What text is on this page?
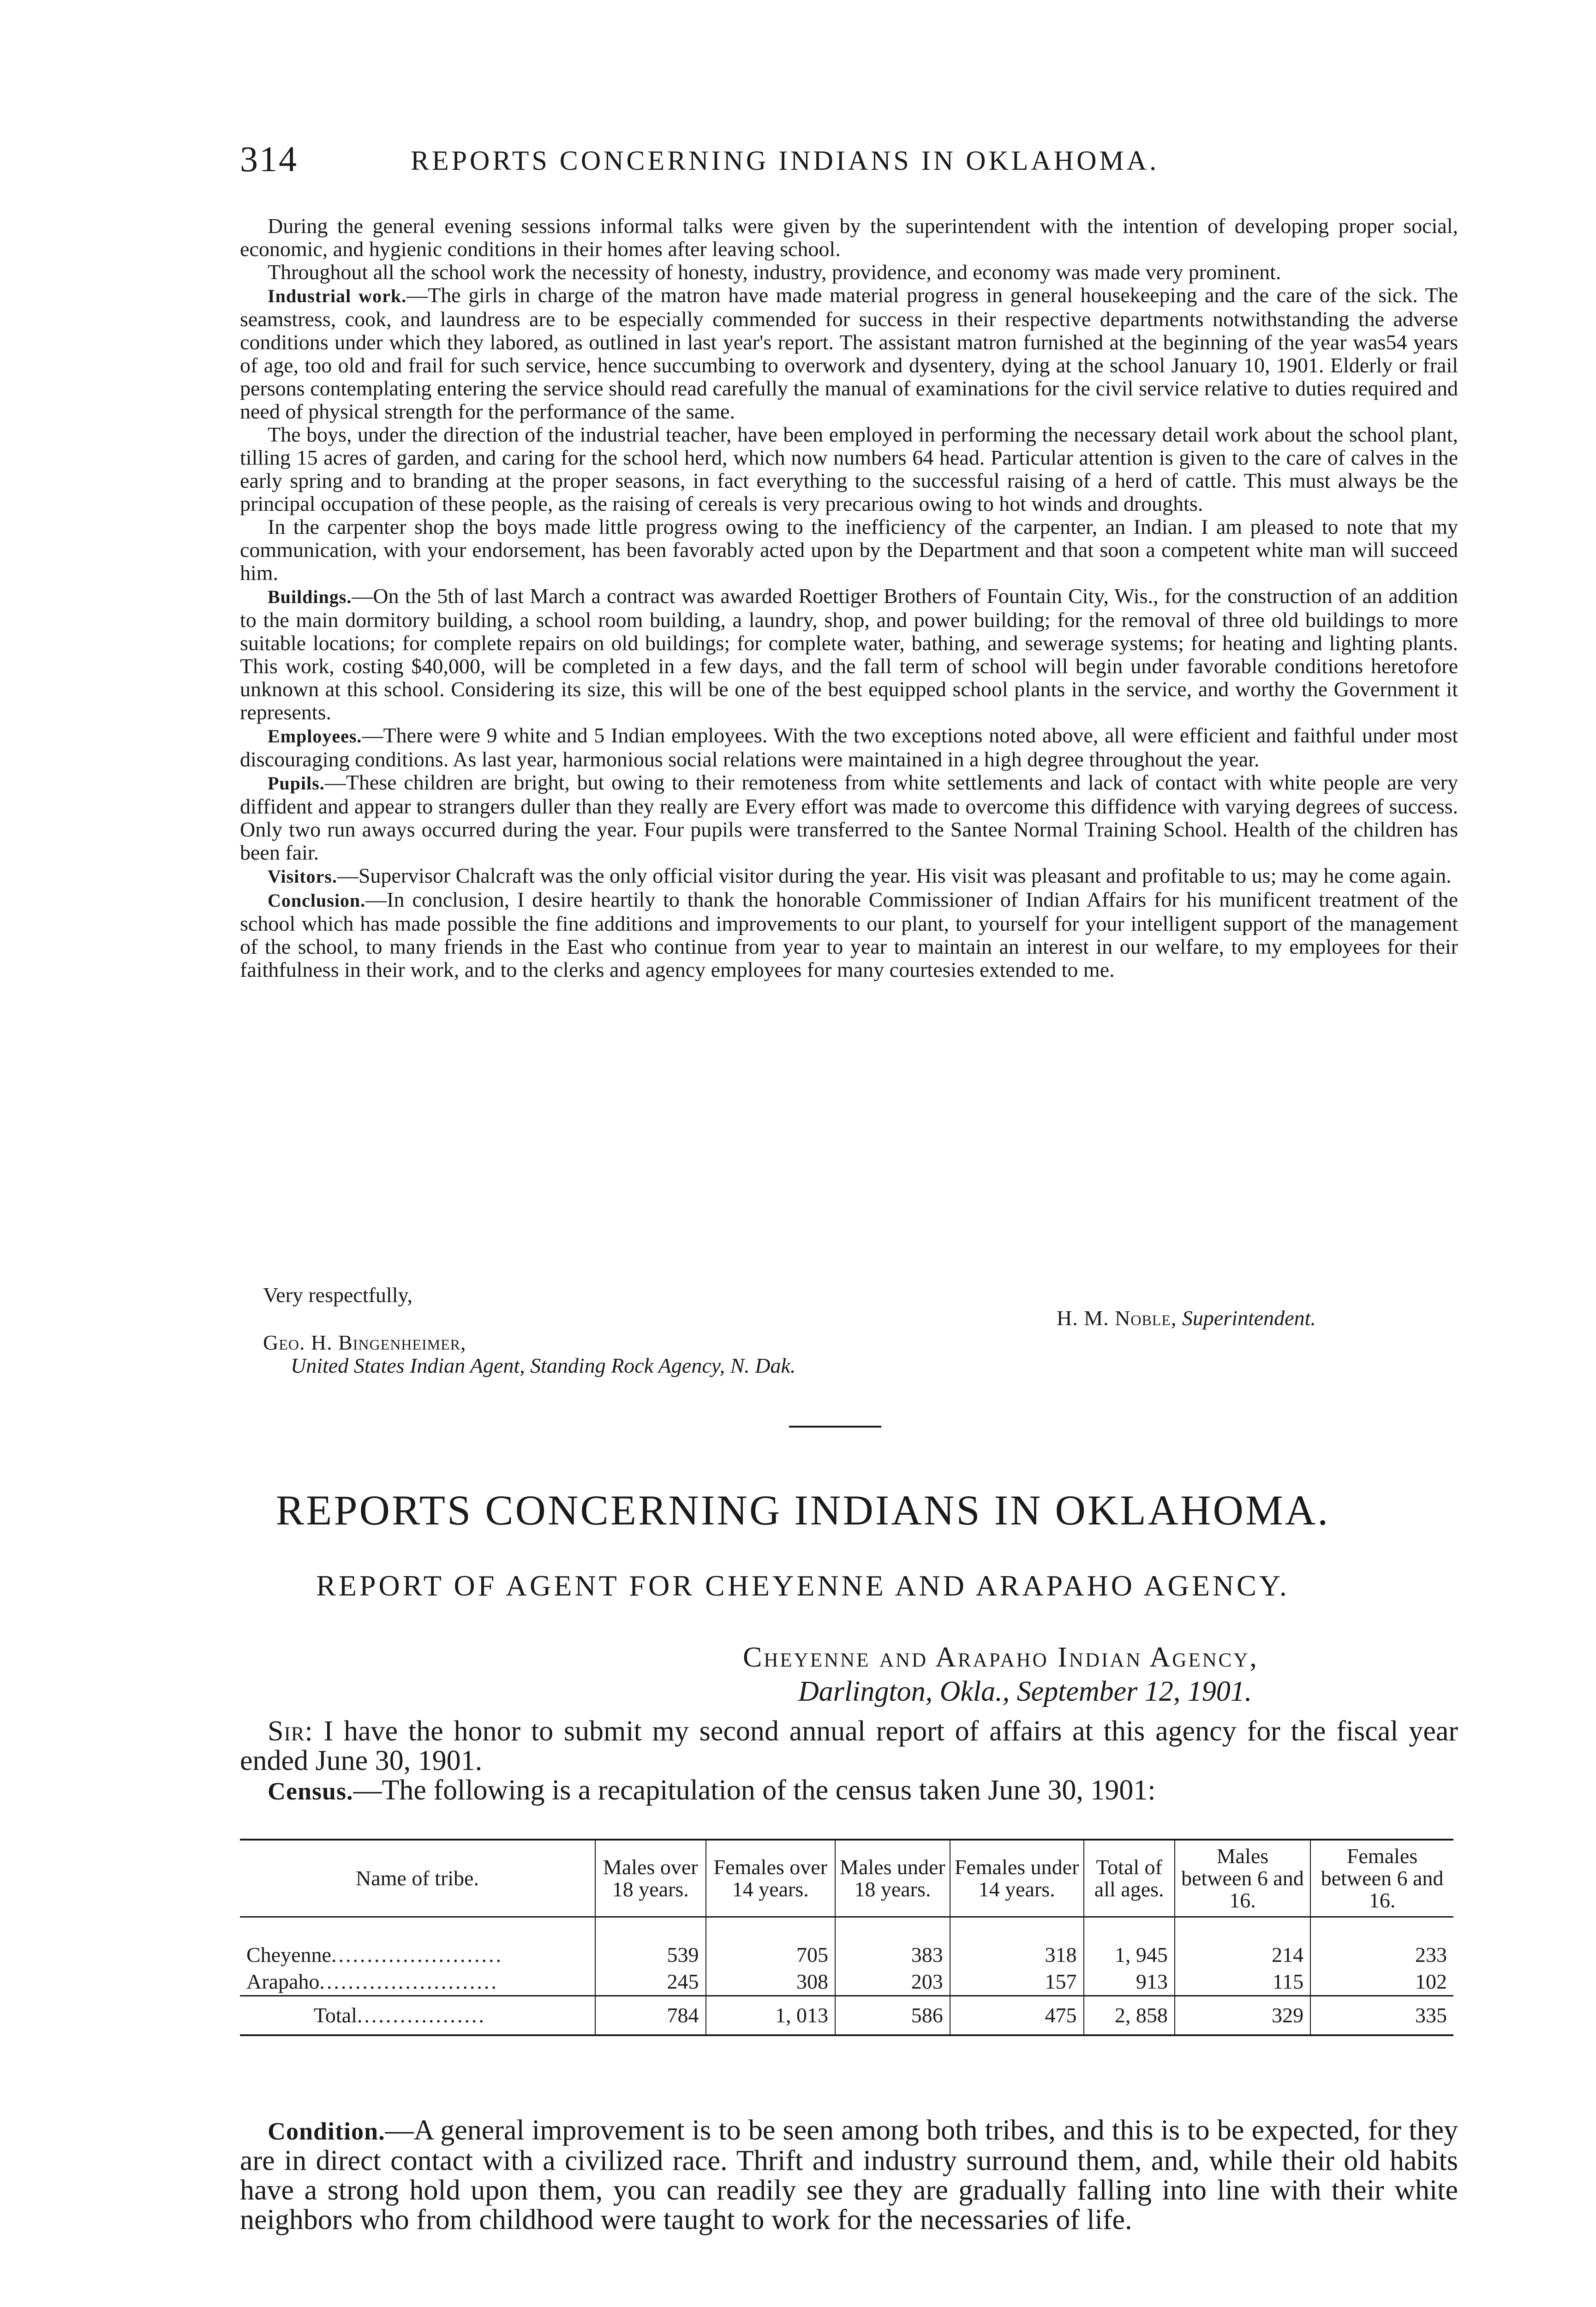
314	REPORTS CONCERNING INDIANS IN OKLAHOMA.

During the general evening sessions informal talks were given by the superintendent with the intention of developing proper social, economic, and hygienic conditions in their homes after leaving school.

Throughout all the school work the necessity of honesty, industry, providence, and economy was made very prominent.

Industrial work.—The girls in charge of the matron have made material progress in general housekeeping and the care of the sick. The seamstress, cook, and laundress are to be especially commended for success in their respective departments notwithstanding the adverse conditions under which they labored, as outlined in last year's report. The assistant matron furnished at the beginning of the year was54 years of age, too old and frail for such service, hence succumbing to overwork and dysentery, dying at the school January 10, 1901. Elderly or frail persons contemplating entering the service should read carefully the manual of examinations for the civil service relative to duties required and need of physical strength for the performance of the same.

The boys, under the direction of the industrial teacher, have been employed in performing the necessary detail work about the school plant, tilling 15 acres of garden, and caring for the school herd, which now numbers 64 head. Particular attention is given to the care of calves in the early spring and to branding at the proper seasons, in fact everything to the successful raising of a herd of cattle. This must always be the principal occupation of these people, as the raising of cereals is very precarious owing to hot winds and droughts.

In the carpenter shop the boys made little progress owing to the inefficiency of the carpenter, an Indian. I am pleased to note that my communication, with your endorsement, has been favorably acted upon by the Department and that soon a competent white man will succeed him.

Buildings.—On the 5th of last March a contract was awarded Roettiger Brothers of Fountain City, Wis., for the construction of an addition to the main dormitory building, a school room building, a laundry, shop, and power building; for the removal of three old buildings to more suitable locations; for complete repairs on old buildings; for complete water, bathing, and sewerage systems; for heating and lighting plants. This work, costing $40,000, will be completed in a few days, and the fall term of school will begin under favorable conditions heretofore unknown at this school. Considering its size, this will be one of the best equipped school plants in the service, and worthy the Government it represents.

Employees.—There were 9 white and 5 Indian employees. With the two exceptions noted above, all were efficient and faithful under most discouraging conditions. As last year, harmonious social relations were maintained in a high degree throughout the year.

Pupils.—These children are bright, but owing to their remoteness from white settlements and lack of contact with white people are very diffident and appear to strangers duller than they really are Every effort was made to overcome this diffidence with varying degrees of success. Only two run aways occurred during the year. Four pupils were transferred to the Santee Normal Training School. Health of the children has been fair.

Visitors.—Supervisor Chalcraft was the only official visitor during the year. His visit was pleasant and profitable to us; may he come again.

Conclusion.—In conclusion, I desire heartily to thank the honorable Commissioner of Indian Affairs for his munificent treatment of the school which has made possible the fine additions and improvements to our plant, to yourself for your intelligent support of the management of the school, to many friends in the East who continue from year to year to maintain an interest in our welfare, to my employees for their faithfulness in their work, and to the clerks and agency employees for many courtesies extended to me.

Very respectfully,
H. M. Noble, Superintendent.
Geo. H. Bingenheimer,
United States Indian Agent, Standing Rock Agency, N. Dak.
REPORTS CONCERNING INDIANS IN OKLAHOMA.
REPORT OF AGENT FOR CHEYENNE AND ARAPAHO AGENCY.
Cheyenne and Arapaho Indian Agency,
Darlington, Okla., September 12, 1901.

Sir: I have the honor to submit my second annual report of affairs at this agency for the fiscal year ended June 30, 1901.

Census.—The following is a recapitulation of the census taken June 30, 1901:

Name of tribe.	Males over 18 years.	Females over 14 years.	Males under 18 years.	Females under 14 years.	Total of all ages.	Males between 6 and 16.	Females between 6 and 16.
Cheyenne........................	539	705	383	318	1, 945	214	233
Arapaho.........................	245	308	203	157	913	115	102
Total..................	784	1, 013	586	475	2, 858	329	335

Condition.—A general improvement is to be seen among both tribes, and this is to be expected, for they are in direct contact with a civilized race. Thrift and industry surround them, and, while their old habits have a strong hold upon them, you can readily see they are gradually falling into line with their white neighbors who from childhood were taught to work for the necessaries of life.
